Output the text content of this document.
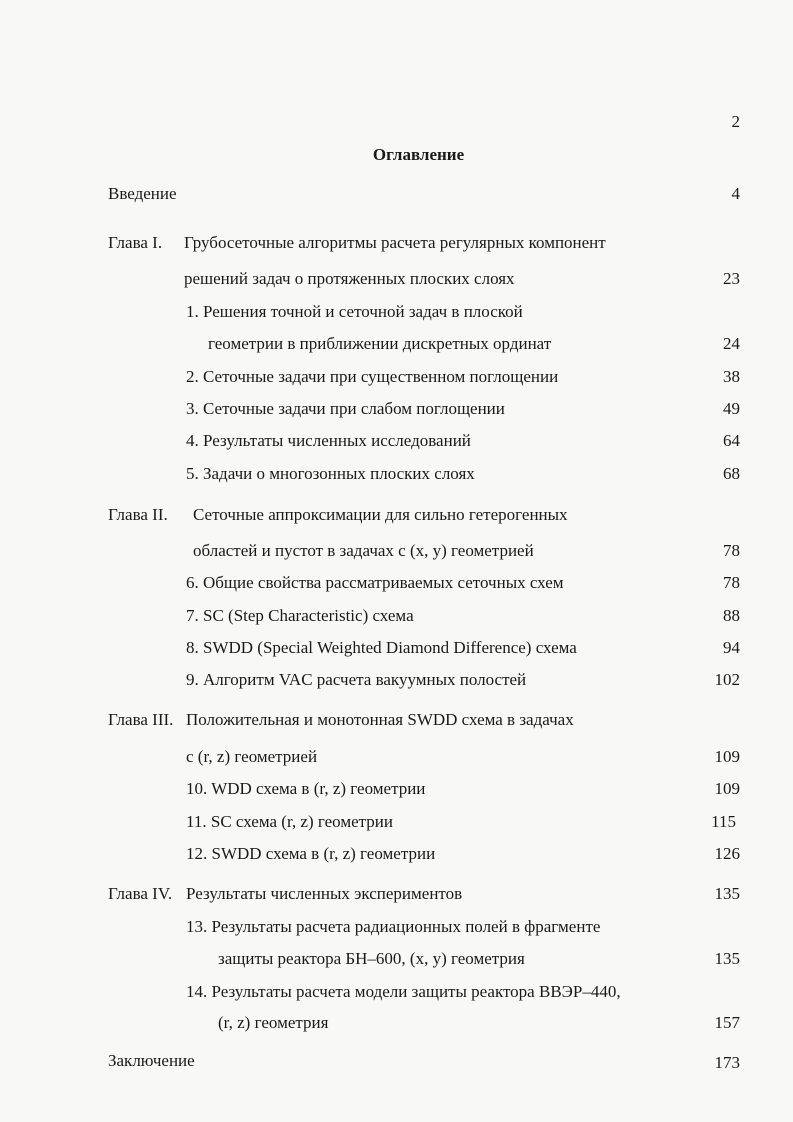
2
Оглавление
Введение	4
Глава I. Грубосеточные алгоритмы расчета регулярных компонент
решений задач о протяженных плоских слоях	23
1. Решения точной и сеточной задач в плоской
геометрии в приближении дискретных ординат	24
2. Сеточные задачи при существенном поглощении	38
3. Сеточные задачи при слабом поглощении	49
4. Результаты численных исследований	64
5. Задачи о многозонных плоских слоях	68
Глава II. Сеточные аппроксимации для сильно гетерогенных
областей и пустот в задачах с (x, y) геометрией	78
6. Общие свойства рассматриваемых сеточных схем	78
7. SC (Step Characteristic) схема	88
8. SWDD (Special Weighted Diamond Difference) схема	94
9. Алгоритм VAC расчета вакуумных полостей	102
Глава III. Положительная и монотонная SWDD схема в задачах
с (r, z) геометрией	109
10. WDD схема в (r, z) геометрии	109
11. SC схема (r, z) геометрии	115
12. SWDD схема в (r, z) геометрии	126
Глава IV. Результаты численных экспериментов	135
13. Результаты расчета радиационных полей в фрагменте
защиты реактора БН–600, (x, y) геометрия	135
14. Результаты расчета модели защиты реактора ВВЭР–440,
(r, z) геометрия	157
Заключение	173
